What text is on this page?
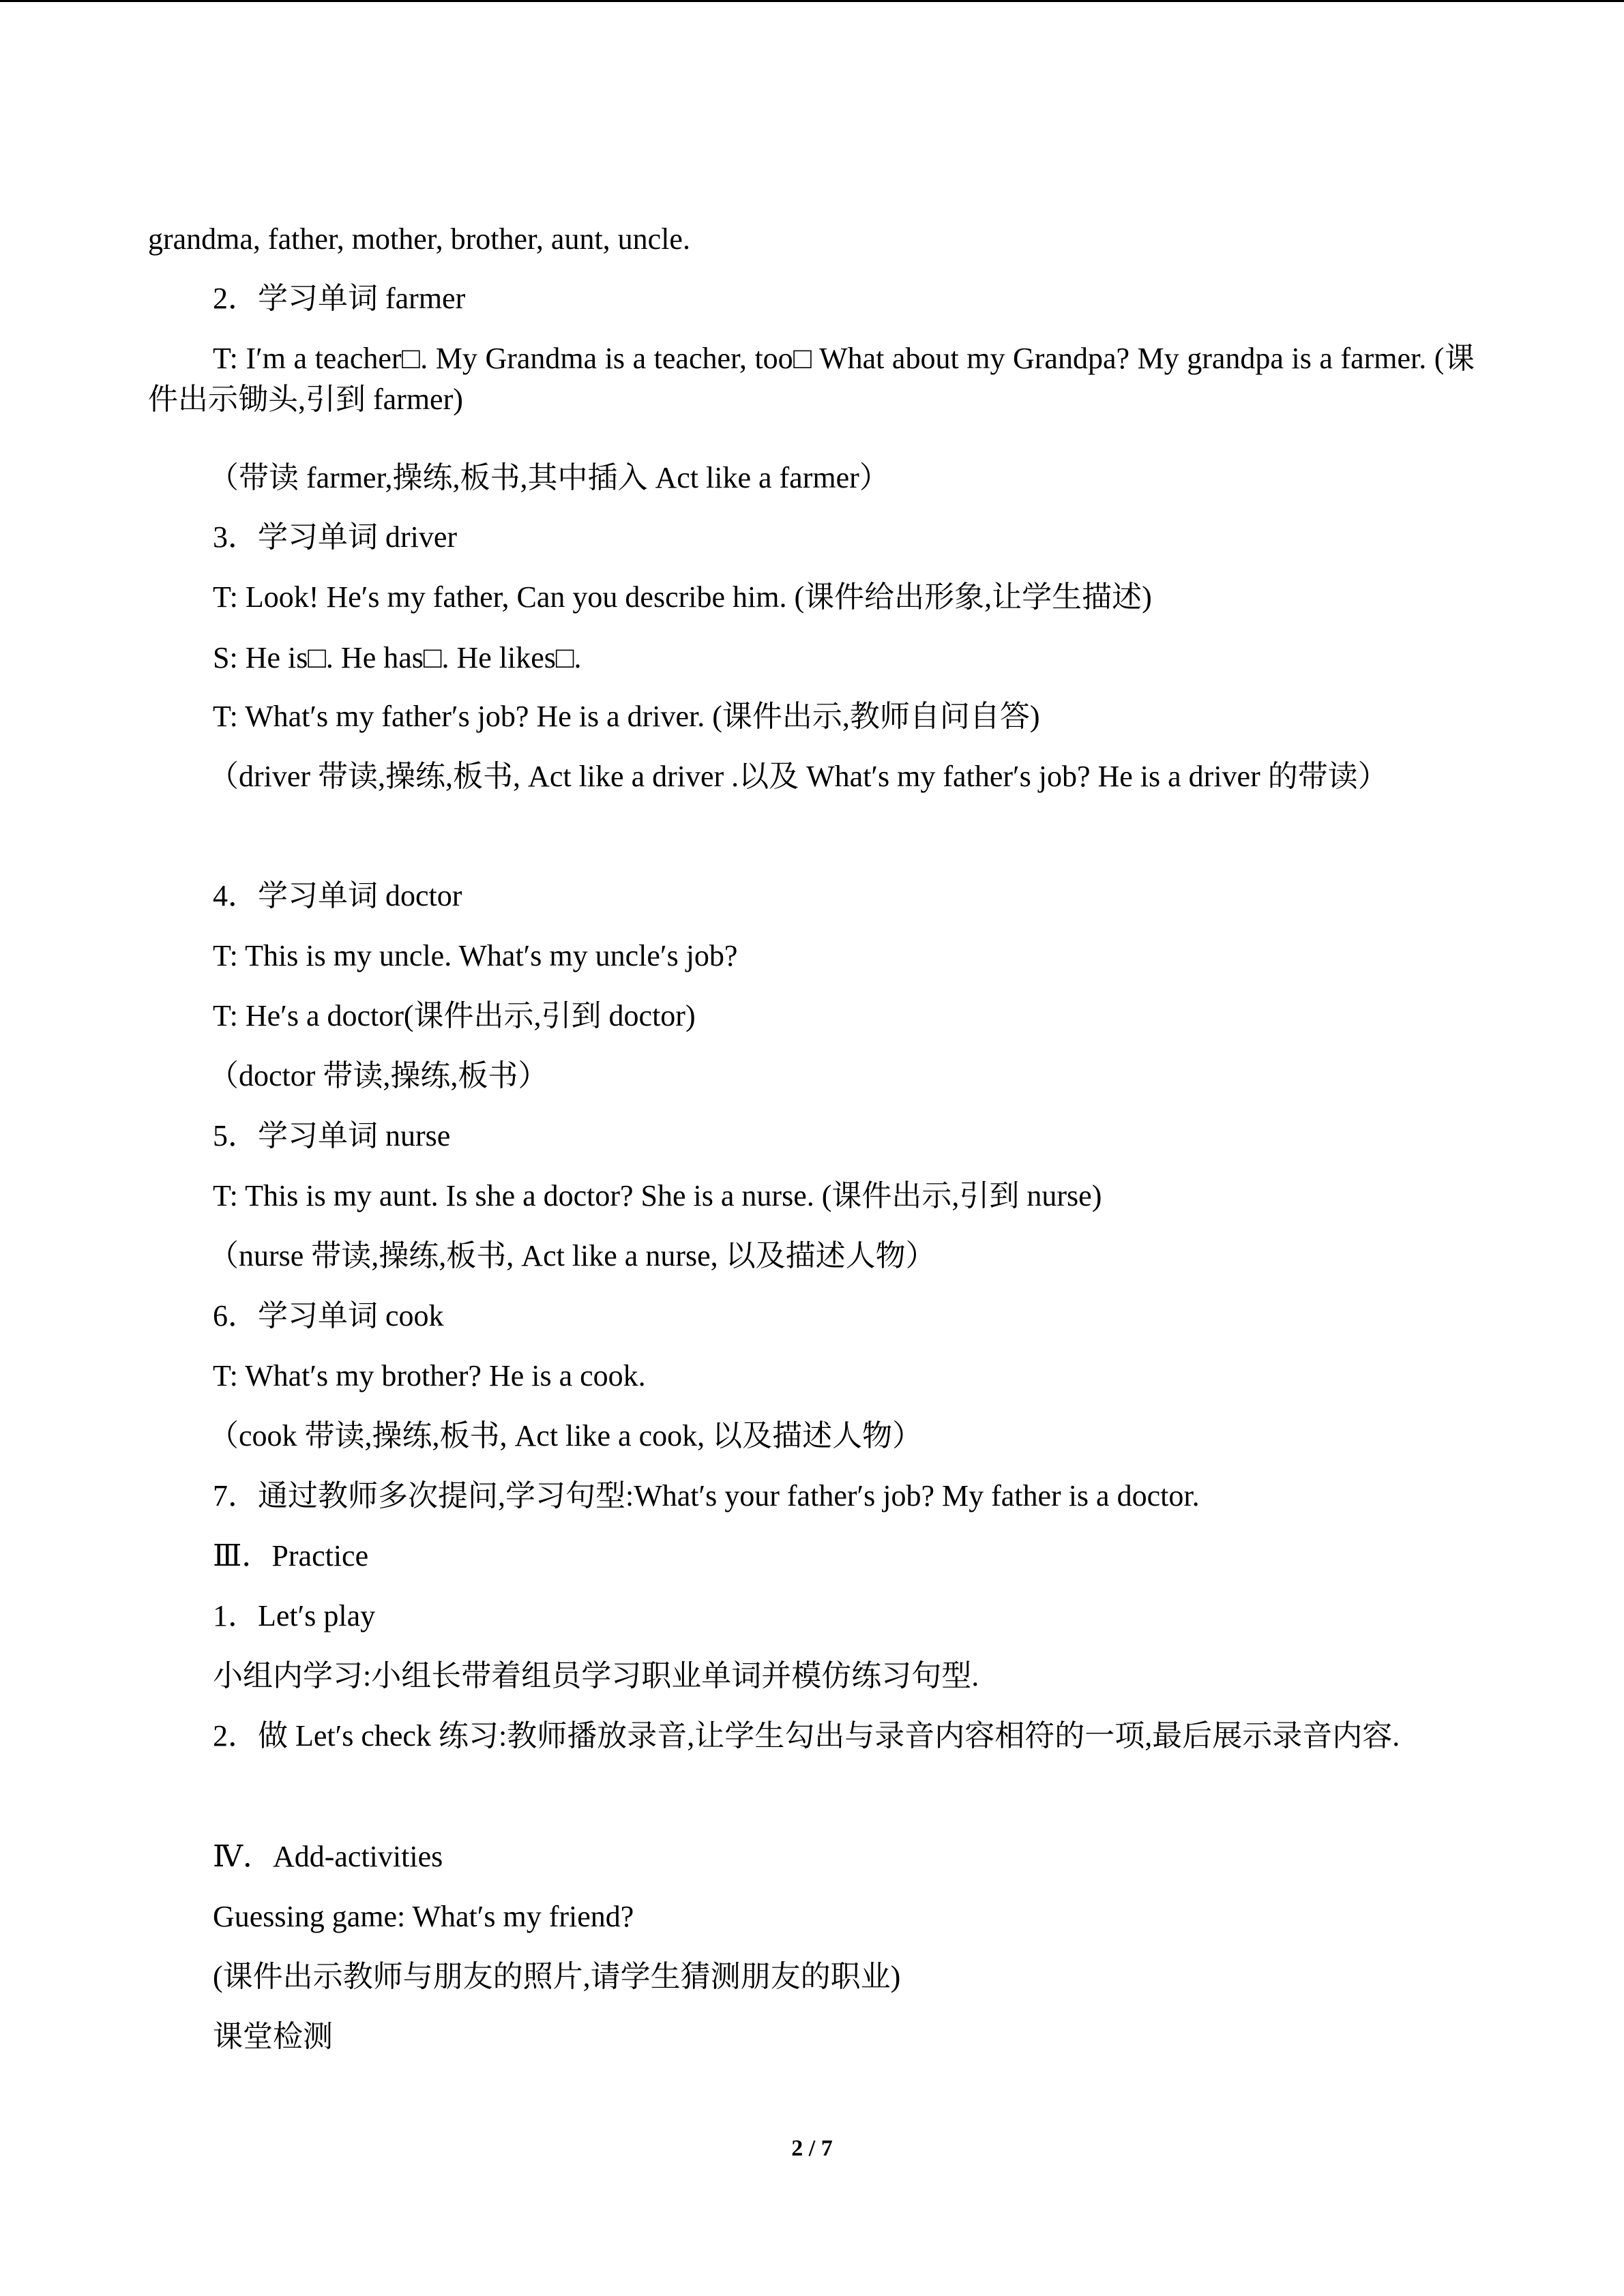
grandma, father, mother, brother, aunt, uncle.
2．学习单词 farmer
T: I′m a teacher□. My Grandma is a teacher, too□ What about my Grandpa? My grandpa is a farmer. (课件出示锄头,引到 farmer)
（带读 farmer,操练,板书,其中插入 Act like a farmer）
3．学习单词 driver
T: Look! He′s my father, Can you describe him. (课件给出形象,让学生描述)
S: He is□. He has□. He likes□.
T: What′s my father′s job? He is a driver. (课件出示,教师自问自答)
（driver 带读,操练,板书, Act like a driver .以及 What′s my father′s job? He is a driver 的带读）
4．学习单词 doctor
T: This is my uncle. What′s my uncle′s job?
T: He′s a doctor(课件出示,引到 doctor)
（doctor 带读,操练,板书）
5．学习单词 nurse
T: This is my aunt. Is she a doctor? She is a nurse. (课件出示,引到 nurse)
（nurse 带读,操练,板书, Act like a nurse, 以及描述人物）
6．学习单词 cook
T: What′s my brother? He is a cook.
（cook 带读,操练,板书, Act like a cook, 以及描述人物）
7．通过教师多次提问,学习句型:What′s your father′s job? My father is a doctor.
Ⅲ．Practice
1．Let′s play
小组内学习:小组长带着组员学习职业单词并模仿练习句型.
2．做 Let′s check 练习:教师播放录音,让学生勾出与录音内容相符的一项,最后展示录音内容.
Ⅳ．Add-activities
Guessing game: What′s my friend?
(课件出示教师与朋友的照片,请学生猜测朋友的职业)
课堂检测
2 / 7
